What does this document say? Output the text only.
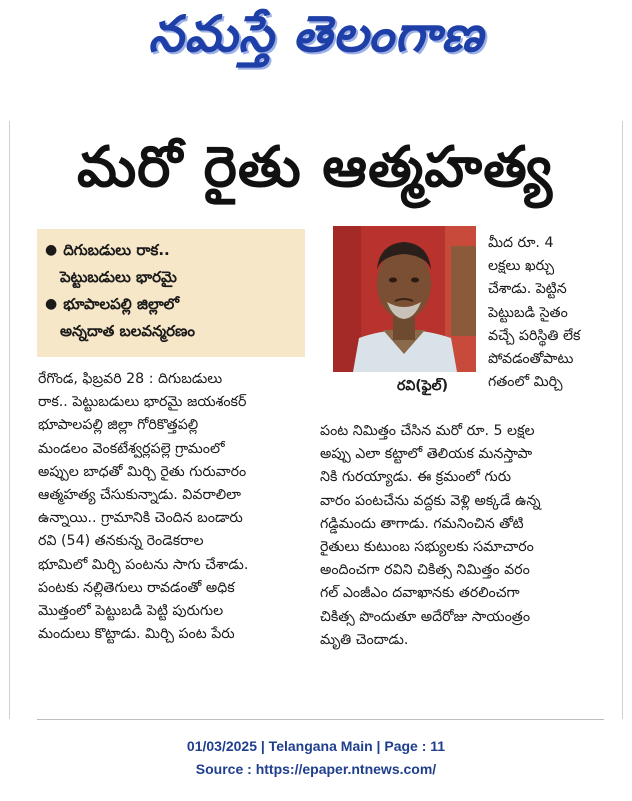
నమస్తే తెలంగాణ
మరో రైతు ఆత్మహత్య
● దిగుబడులు రాక..
పెట్టుబడులు భారమై
● భూపాలపల్లి జిల్లాలో
అన్నదాత బలవన్మరణం
రవి(ఫైల్)
మీద రూ. 4
లక్షలు ఖర్చు
చేశాడు. పెట్టిన
పెట్టుబడి సైతం
వచ్చే పరిస్థితి లేక
పోవడంతోపాటు
గతంలో మిర్చి
రేగొండ, ఫిబ్రవరి 28 : దిగుబడులు
రాక.. పెట్టుబడులు భారమై జయశంకర్
భూపాలపల్లి జిల్లా గోరికొత్తపల్లి
మండలం వెంకటేశ్వర్లపల్లె గ్రామంలో
అప్పుల బాధతో మిర్చి రైతు గురువారం
ఆత్మహత్య చేసుకున్నాడు. వివరాలిలా
ఉన్నాయి.. గ్రామానికి చెందిన బండారు
రవి (54) తనకున్న రెండెకరాల
భూమిలో మిర్చి పంటను సాగు చేశాడు.
పంటకు నల్లితెగులు రావడంతో అధిక
మొత్తంలో పెట్టుబడి పెట్టి పురుగుల
మందులు కొట్టాడు. మిర్చి పంట పేరు
పంట నిమిత్తం చేసిన మరో రూ. 5 లక్షల
అప్పు ఎలా కట్టాలో తెలియక మనస్తాపా
నికి గురయ్యాడు. ఈ క్రమంలో గురు
వారం పంటచేను వద్దకు వెళ్లి అక్కడే ఉన్న
గడ్డిమందు తాగాడు. గమనించిన తోటి
రైతులు కుటుంబ సభ్యులకు సమాచారం
అందించగా రవిని చికిత్స నిమిత్తం వరం
గల్ ఎంజీఎం దవాఖానకు తరలించగా
చికిత్స పొందుతూ అదేరోజు సాయంత్రం
మృతి చెందాడు.
01/03/2025 | Telangana Main | Page : 11
Source : https://epaper.ntnews.com/
